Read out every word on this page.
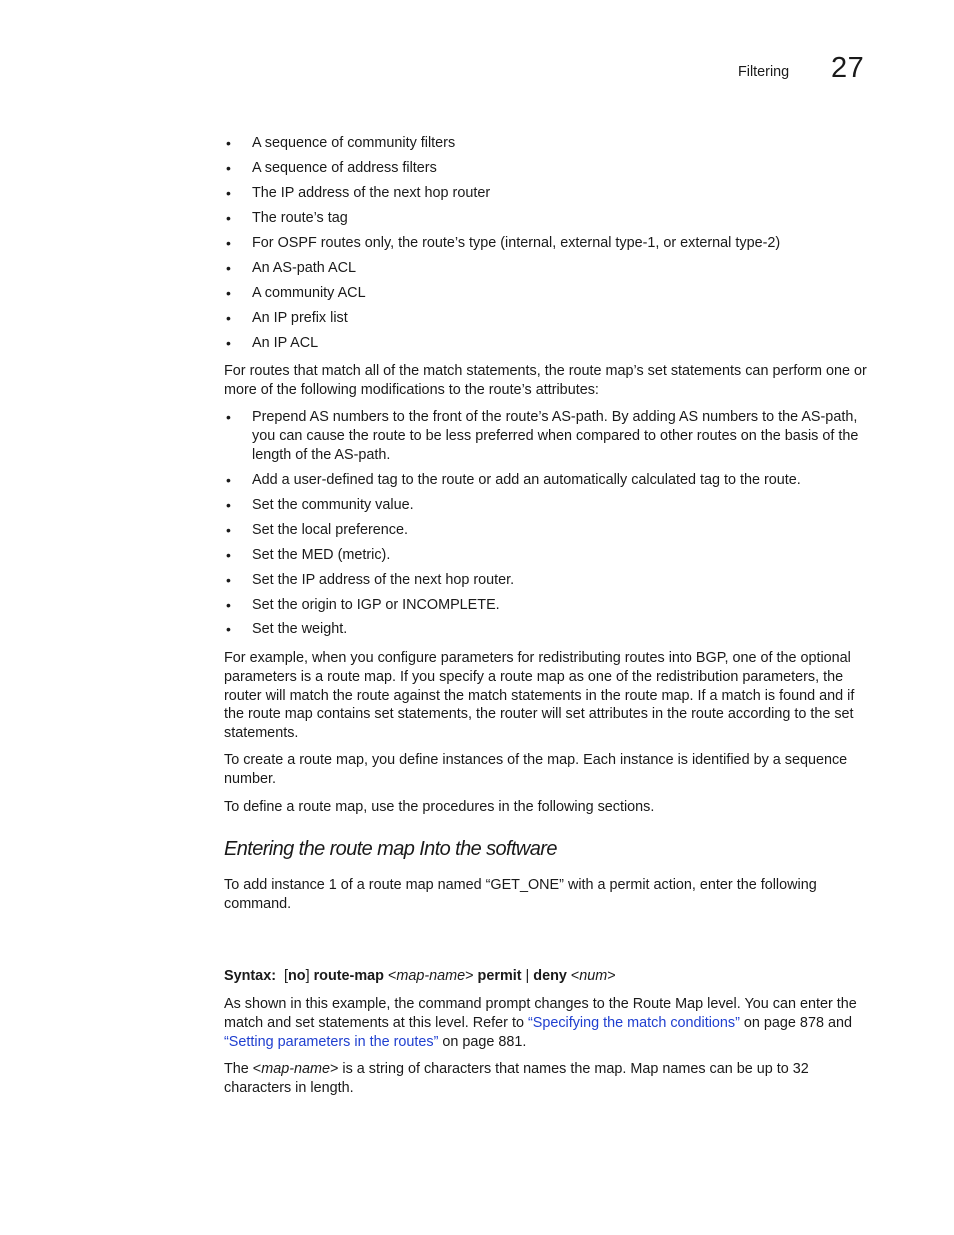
Filtering 27
• A sequence of community filters
• A sequence of address filters
• The IP address of the next hop router
• The route’s tag
• For OSPF routes only, the route’s type (internal, external type-1, or external type-2)
• An AS-path ACL
• A community ACL
• An IP prefix list
• An IP ACL

For routes that match all of the match statements, the route map’s set statements can perform one or more of the following modifications to the route’s attributes:

• Prepend AS numbers to the front of the route’s AS-path. By adding AS numbers to the AS-path, you can cause the route to be less preferred when compared to other routes on the basis of the length of the AS-path.
• Add a user-defined tag to the route or add an automatically calculated tag to the route.
• Set the community value.
• Set the local preference.
• Set the MED (metric).
• Set the IP address of the next hop router.
• Set the origin to IGP or INCOMPLETE.
• Set the weight.

For example, when you configure parameters for redistributing routes into BGP, one of the optional parameters is a route map. If you specify a route map as one of the redistribution parameters, the router will match the route against the match statements in the route map. If a match is found and if the route map contains set statements, the router will set attributes in the route according to the set statements.

To create a route map, you define instances of the map. Each instance is identified by a sequence number.

To define a route map, use the procedures in the following sections.

Entering the route map Into the software

To add instance 1 of a route map named “GET_ONE” with a permit action, enter the following command.

Syntax: [no] route-map <map-name> permit | deny <num>

As shown in this example, the command prompt changes to the Route Map level. You can enter the match and set statements at this level. Refer to “Specifying the match conditions” on page 878 and “Setting parameters in the routes” on page 881.

The <map-name> is a string of characters that names the map. Map names can be up to 32 characters in length.
